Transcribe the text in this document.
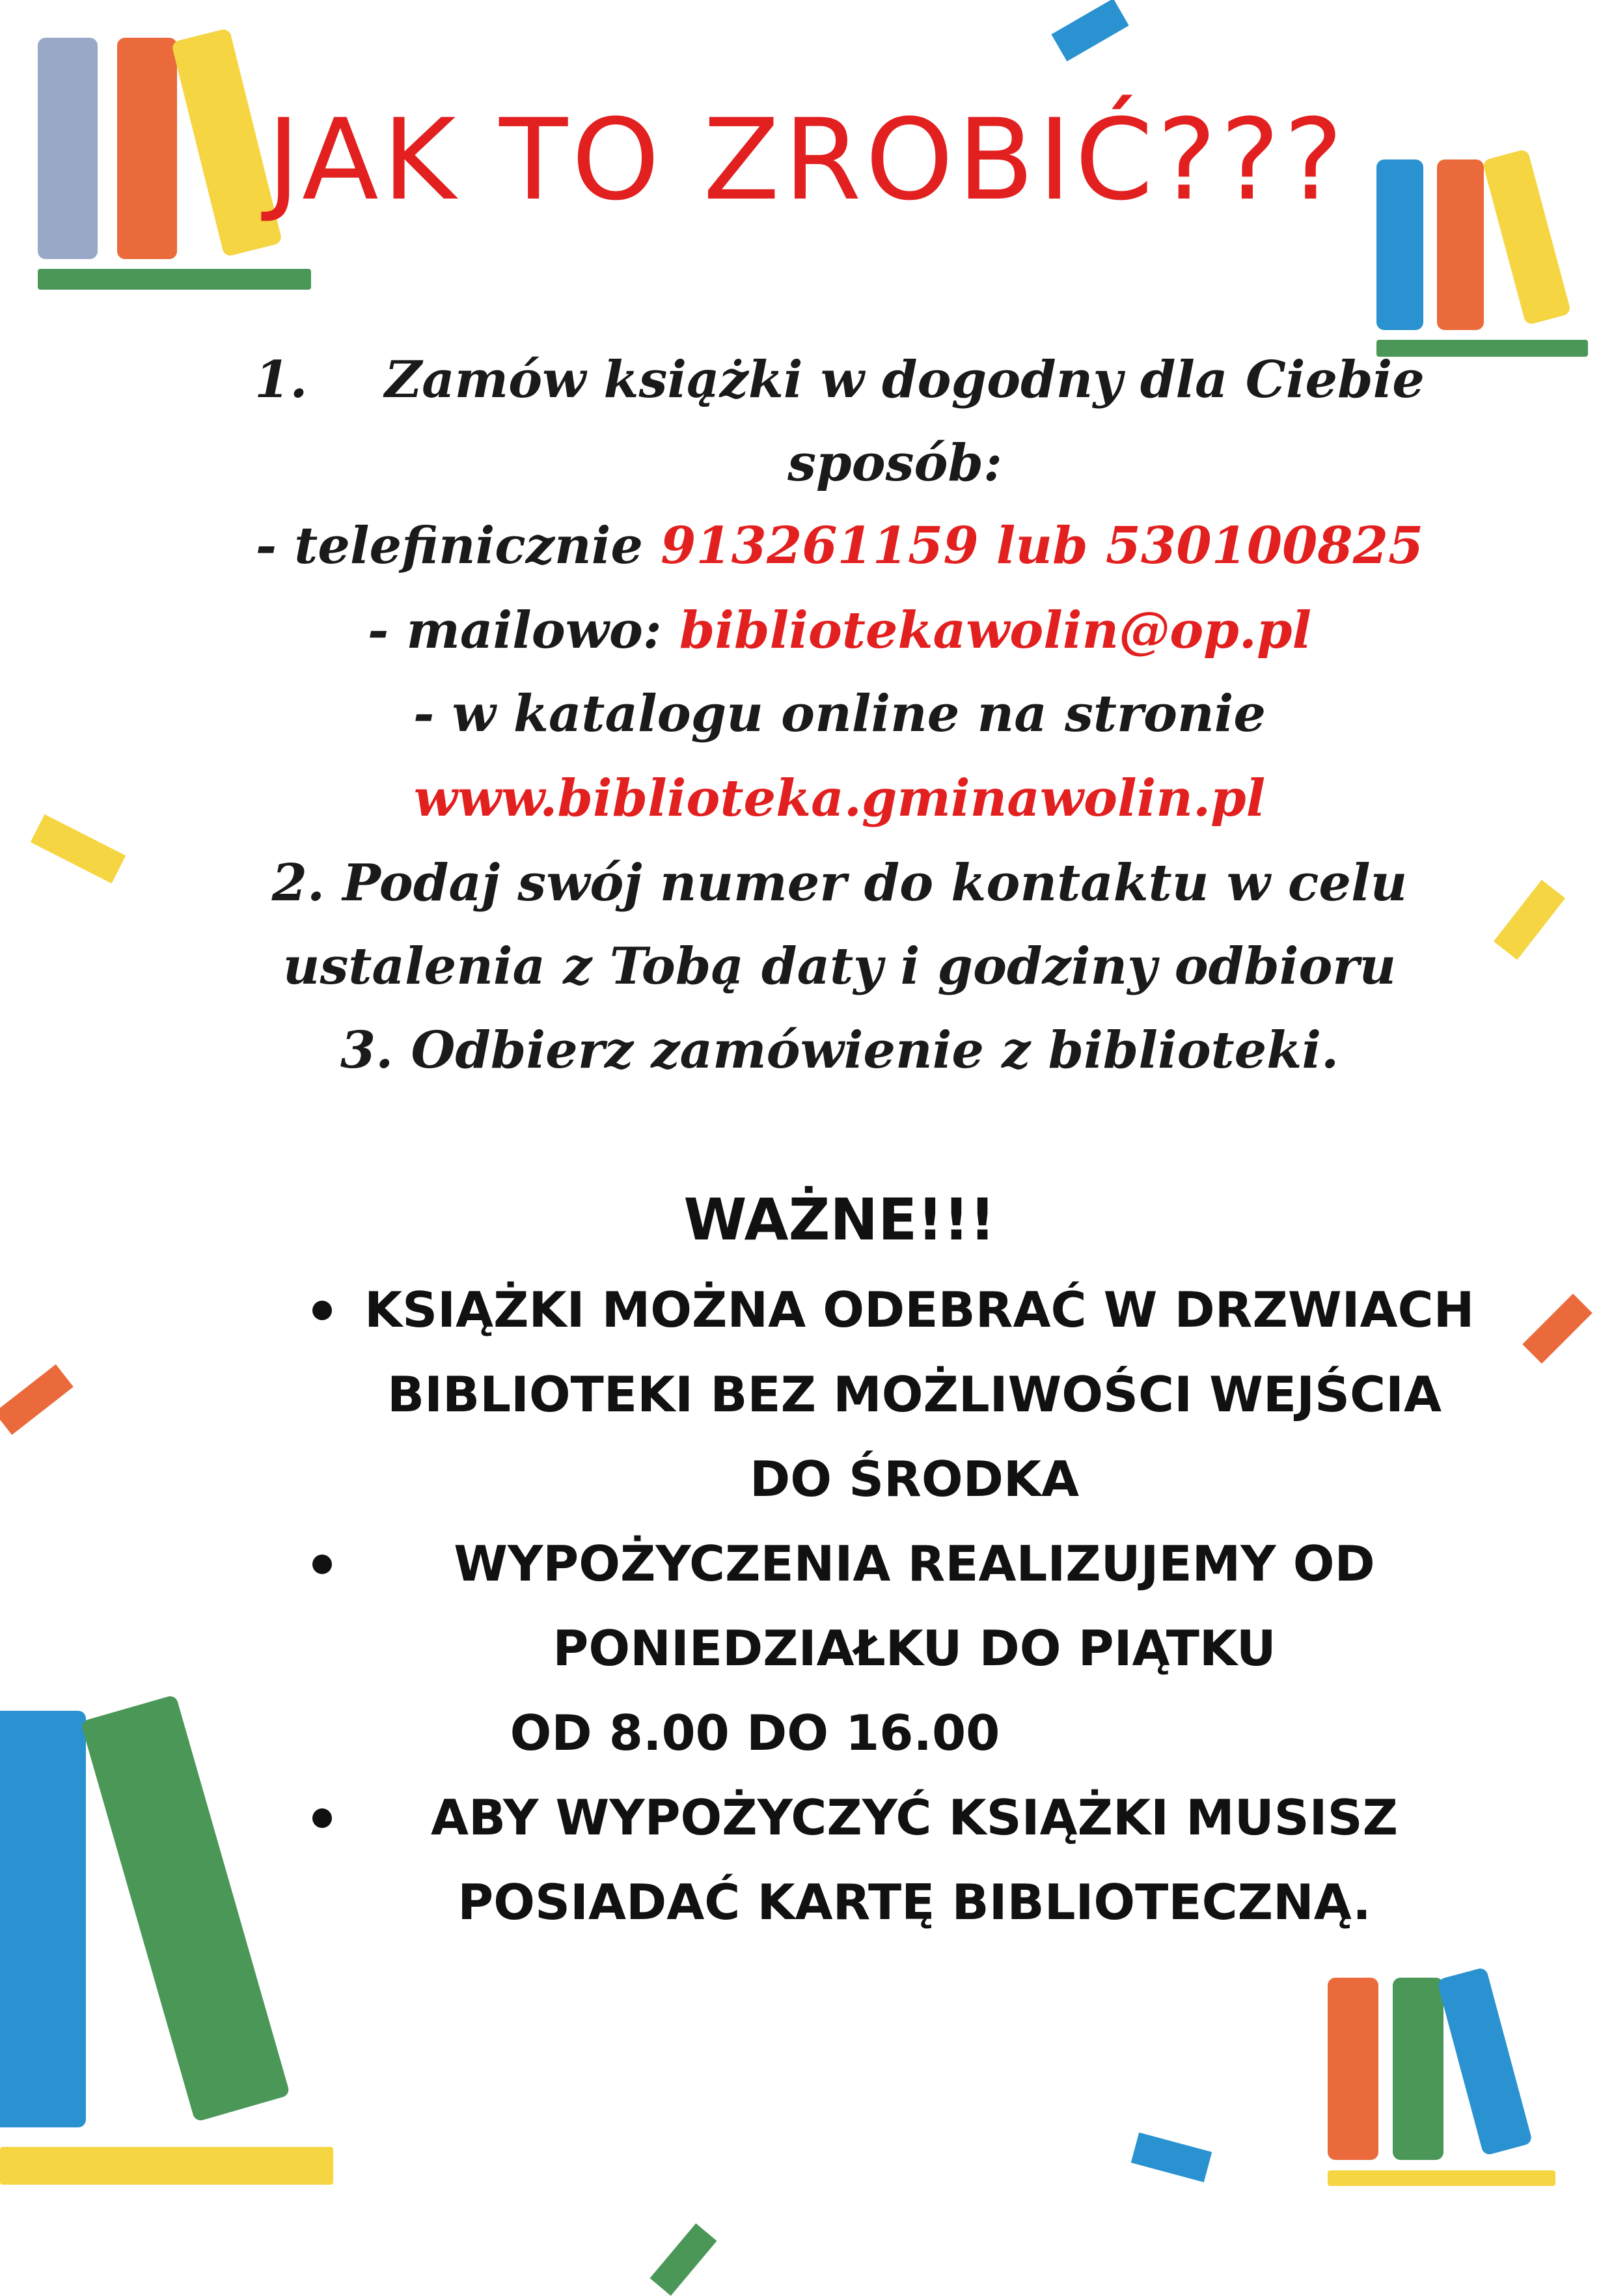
JAK TO ZROBIĆ???
1. Zamów książki w dogodny dla Ciebie
sposób:
- telefinicznie 913261159 lub 530100825
- mailowo: bibliotekawolin@op.pl
- w katalogu online na stronie
www.biblioteka.gminawolin.pl
2. Podaj swój numer do kontaktu w celu
ustalenia z Tobą daty i godziny odbioru
3. Odbierz zamówienie z biblioteki.
WAŻNE!!!
KSIĄŻKI MOŻNA ODEBRAĆ W DRZWIACH
BIBLIOTEKI BEZ MOŻLIWOŚCI WEJŚCIA
DO ŚRODKA
WYPOŻYCZENIA REALIZUJEMY OD
PONIEDZIAŁKU DO PIĄTKU
OD 8.00 DO 16.00
ABY WYPOŻYCZYĆ KSIĄŻKI MUSISZ
POSIADAĆ KARTĘ BIBLIOTECZNĄ.
